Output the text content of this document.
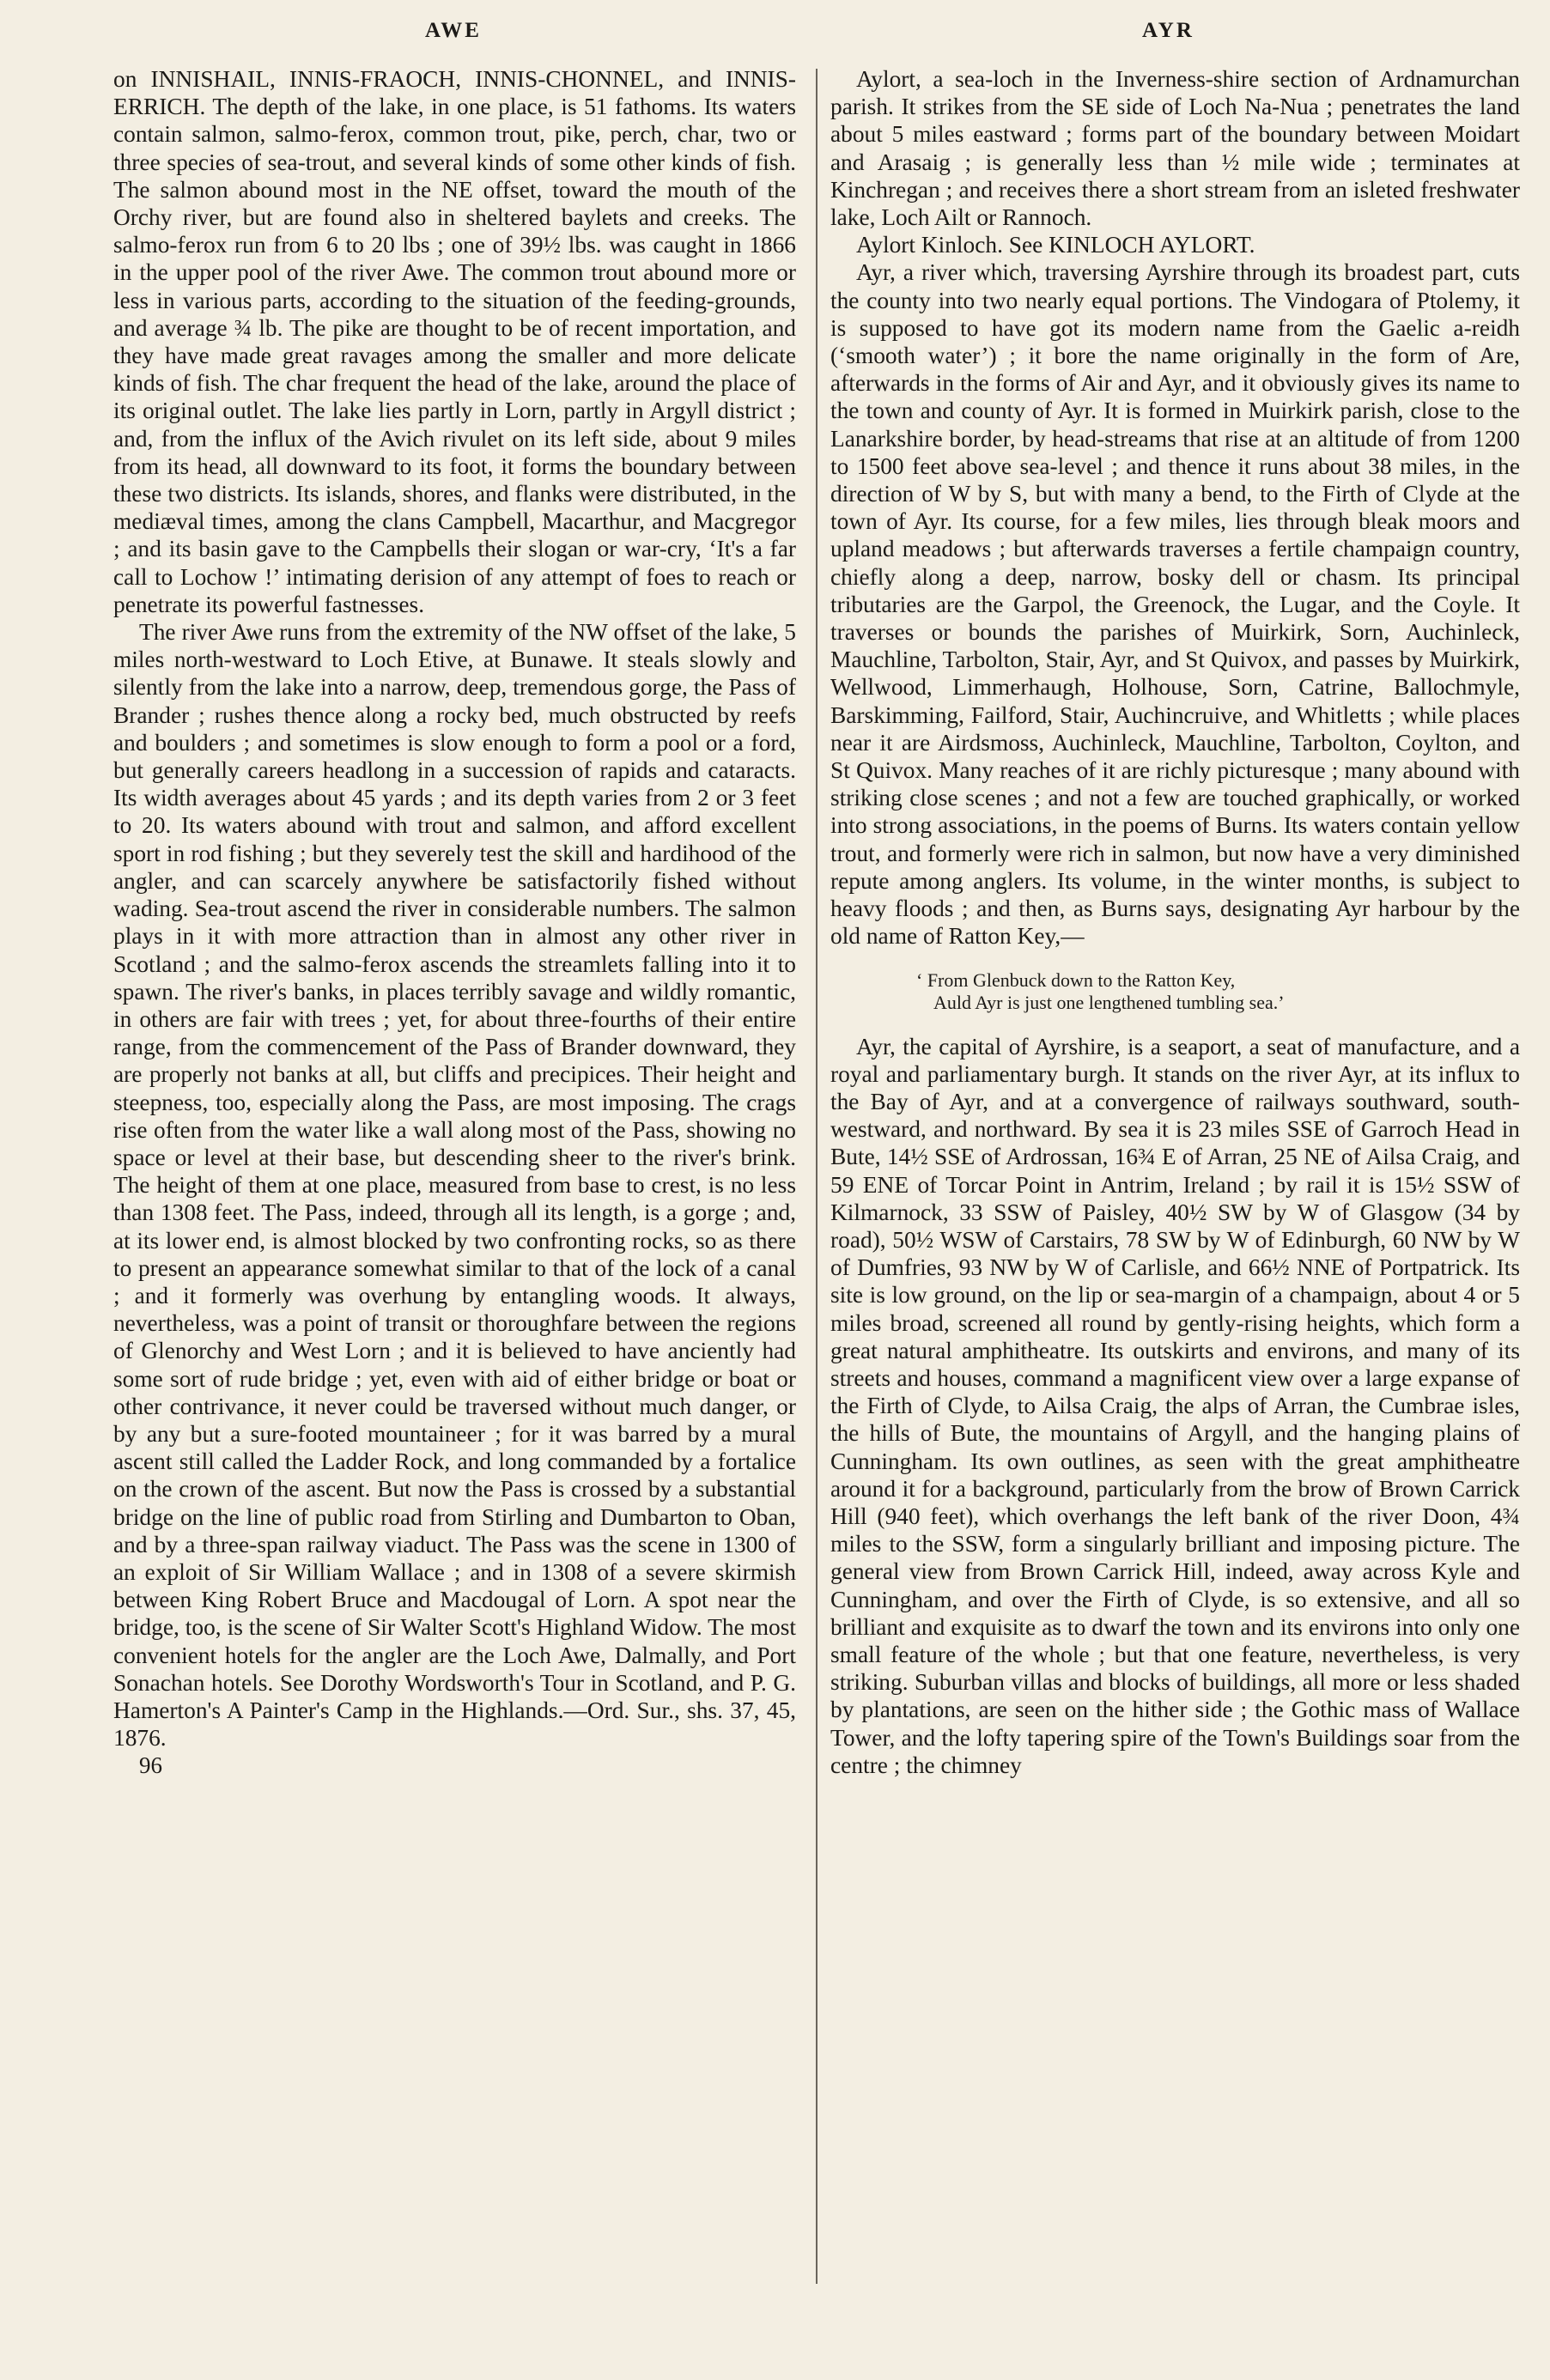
AWE	AYR

on INNISHAIL, INNIS-FRAOCH, INNIS-CHONNEL, and INNIS-ERRICH. The depth of the lake, in one place, is 51 fathoms. Its waters contain salmon, salmo-ferox, common trout, pike, perch, char, two or three species of sea-trout, and several kinds of some other kinds of fish. The salmon abound most in the NE offset, toward the mouth of the Orchy river, but are found also in sheltered baylets and creeks. The salmo-ferox run from 6 to 20 lbs ; one of 39½ lbs. was caught in 1866 in the upper pool of the river Awe. The common trout abound more or less in various parts, according to the situation of the feeding-grounds, and average ¾ lb. The pike are thought to be of recent importation, and they have made great ravages among the smaller and more delicate kinds of fish. The char frequent the head of the lake, around the place of its original outlet. The lake lies partly in Lorn, partly in Argyll district ; and, from the influx of the Avich rivulet on its left side, about 9 miles from its head, all downward to its foot, it forms the boundary between these two districts. Its islands, shores, and flanks were distributed, in the mediæval times, among the clans Campbell, Macarthur, and Macgregor ; and its basin gave to the Campbells their slogan or war-cry, ‘It's a far call to Lochow !’ intimating derision of any attempt of foes to reach or penetrate its powerful fastnesses.

The river Awe runs from the extremity of the NW offset of the lake, 5 miles north-westward to Loch Etive, at Bunawe. It steals slowly and silently from the lake into a narrow, deep, tremendous gorge, the Pass of Brander ; rushes thence along a rocky bed, much obstructed by reefs and boulders ; and sometimes is slow enough to form a pool or a ford, but generally careers headlong in a succession of rapids and cataracts. Its width averages about 45 yards ; and its depth varies from 2 or 3 feet to 20. Its waters abound with trout and salmon, and afford excellent sport in rod fishing ; but they severely test the skill and hardihood of the angler, and can scarcely anywhere be satisfactorily fished without wading. Sea-trout ascend the river in considerable numbers. The salmon plays in it with more attraction than in almost any other river in Scotland ; and the salmo-ferox ascends the streamlets falling into it to spawn. The river's banks, in places terribly savage and wildly romantic, in others are fair with trees ; yet, for about three-fourths of their entire range, from the commencement of the Pass of Brander downward, they are properly not banks at all, but cliffs and precipices. Their height and steepness, too, especially along the Pass, are most imposing. The crags rise often from the water like a wall along most of the Pass, showing no space or level at their base, but descending sheer to the river's brink. The height of them at one place, measured from base to crest, is no less than 1308 feet. The Pass, indeed, through all its length, is a gorge ; and, at its lower end, is almost blocked by two confronting rocks, so as there to present an appearance somewhat similar to that of the lock of a canal ; and it formerly was overhung by entangling woods. It always, nevertheless, was a point of transit or thoroughfare between the regions of Glenorchy and West Lorn ; and it is believed to have anciently had some sort of rude bridge ; yet, even with aid of either bridge or boat or other contrivance, it never could be traversed without much danger, or by any but a sure-footed mountaineer ; for it was barred by a mural ascent still called the Ladder Rock, and long commanded by a fortalice on the crown of the ascent. But now the Pass is crossed by a substantial bridge on the line of public road from Stirling and Dumbarton to Oban, and by a three-span railway viaduct. The Pass was the scene in 1300 of an exploit of Sir William Wallace ; and in 1308 of a severe skirmish between King Robert Bruce and Macdougal of Lorn. A spot near the bridge, too, is the scene of Sir Walter Scott's Highland Widow. The most convenient hotels for the angler are the Loch Awe, Dalmally, and Port Sonachan hotels. See Dorothy Wordsworth's Tour in Scotland, and P. G. Hamerton's A Painter's Camp in the Highlands.—Ord. Sur., shs. 37, 45, 1876.

96

Aylort, a sea-loch in the Inverness-shire section of Ardnamurchan parish. It strikes from the SE side of Loch Na-Nua ; penetrates the land about 5 miles eastward ; forms part of the boundary between Moidart and Arasaig ; is generally less than ½ mile wide ; terminates at Kinchregan ; and receives there a short stream from an isleted freshwater lake, Loch Ailt or Rannoch.

Aylort Kinloch. See KINLOCH AYLORT.

Ayr, a river which, traversing Ayrshire through its broadest part, cuts the county into two nearly equal portions. The Vindogara of Ptolemy, it is supposed to have got its modern name from the Gaelic a-reidh (‘smooth water’) ; it bore the name originally in the form of Are, afterwards in the forms of Air and Ayr, and it obviously gives its name to the town and county of Ayr. It is formed in Muirkirk parish, close to the Lanarkshire border, by head-streams that rise at an altitude of from 1200 to 1500 feet above sea-level ; and thence it runs about 38 miles, in the direction of W by S, but with many a bend, to the Firth of Clyde at the town of Ayr. Its course, for a few miles, lies through bleak moors and upland meadows ; but afterwards traverses a fertile champaign country, chiefly along a deep, narrow, bosky dell or chasm. Its principal tributaries are the Garpol, the Greenock, the Lugar, and the Coyle. It traverses or bounds the parishes of Muirkirk, Sorn, Auchinleck, Mauchline, Tarbolton, Stair, Ayr, and St Quivox, and passes by Muirkirk, Wellwood, Limmerhaugh, Holhouse, Sorn, Catrine, Ballochmyle, Barskimming, Failford, Stair, Auchincruive, and Whitletts ; while places near it are Airdsmoss, Auchinleck, Mauchline, Tarbolton, Coylton, and St Quivox. Many reaches of it are richly picturesque ; many abound with striking close scenes ; and not a few are touched graphically, or worked into strong associations, in the poems of Burns. Its waters contain yellow trout, and formerly were rich in salmon, but now have a very diminished repute among anglers. Its volume, in the winter months, is subject to heavy floods ; and then, as Burns says, designating Ayr harbour by the old name of Ratton Key,—

‘ From Glenbuck down to the Ratton Key,
Auld Ayr is just one lengthened tumbling sea.’

Ayr, the capital of Ayrshire, is a seaport, a seat of manufacture, and a royal and parliamentary burgh. It stands on the river Ayr, at its influx to the Bay of Ayr, and at a convergence of railways southward, south-westward, and northward. By sea it is 23 miles SSE of Garroch Head in Bute, 14½ SSE of Ardrossan, 16¾ E of Arran, 25 NE of Ailsa Craig, and 59 ENE of Torcar Point in Antrim, Ireland ; by rail it is 15½ SSW of Kilmarnock, 33 SSW of Paisley, 40½ SW by W of Glasgow (34 by road), 50½ WSW of Carstairs, 78 SW by W of Edinburgh, 60 NW by W of Dumfries, 93 NW by W of Carlisle, and 66½ NNE of Portpatrick. Its site is low ground, on the lip or sea-margin of a champaign, about 4 or 5 miles broad, screened all round by gently-rising heights, which form a great natural amphitheatre. Its outskirts and environs, and many of its streets and houses, command a magnificent view over a large expanse of the Firth of Clyde, to Ailsa Craig, the alps of Arran, the Cumbrae isles, the hills of Bute, the mountains of Argyll, and the hanging plains of Cunningham. Its own outlines, as seen with the great amphitheatre around it for a background, particularly from the brow of Brown Carrick Hill (940 feet), which overhangs the left bank of the river Doon, 4¾ miles to the SSW, form a singularly brilliant and imposing picture. The general view from Brown Carrick Hill, indeed, away across Kyle and Cunningham, and over the Firth of Clyde, is so extensive, and all so brilliant and exquisite as to dwarf the town and its environs into only one small feature of the whole ; but that one feature, nevertheless, is very striking. Suburban villas and blocks of buildings, all more or less shaded by plantations, are seen on the hither side ; the Gothic mass of Wallace Tower, and the lofty tapering spire of the Town's Buildings soar from the centre ; the chimney
